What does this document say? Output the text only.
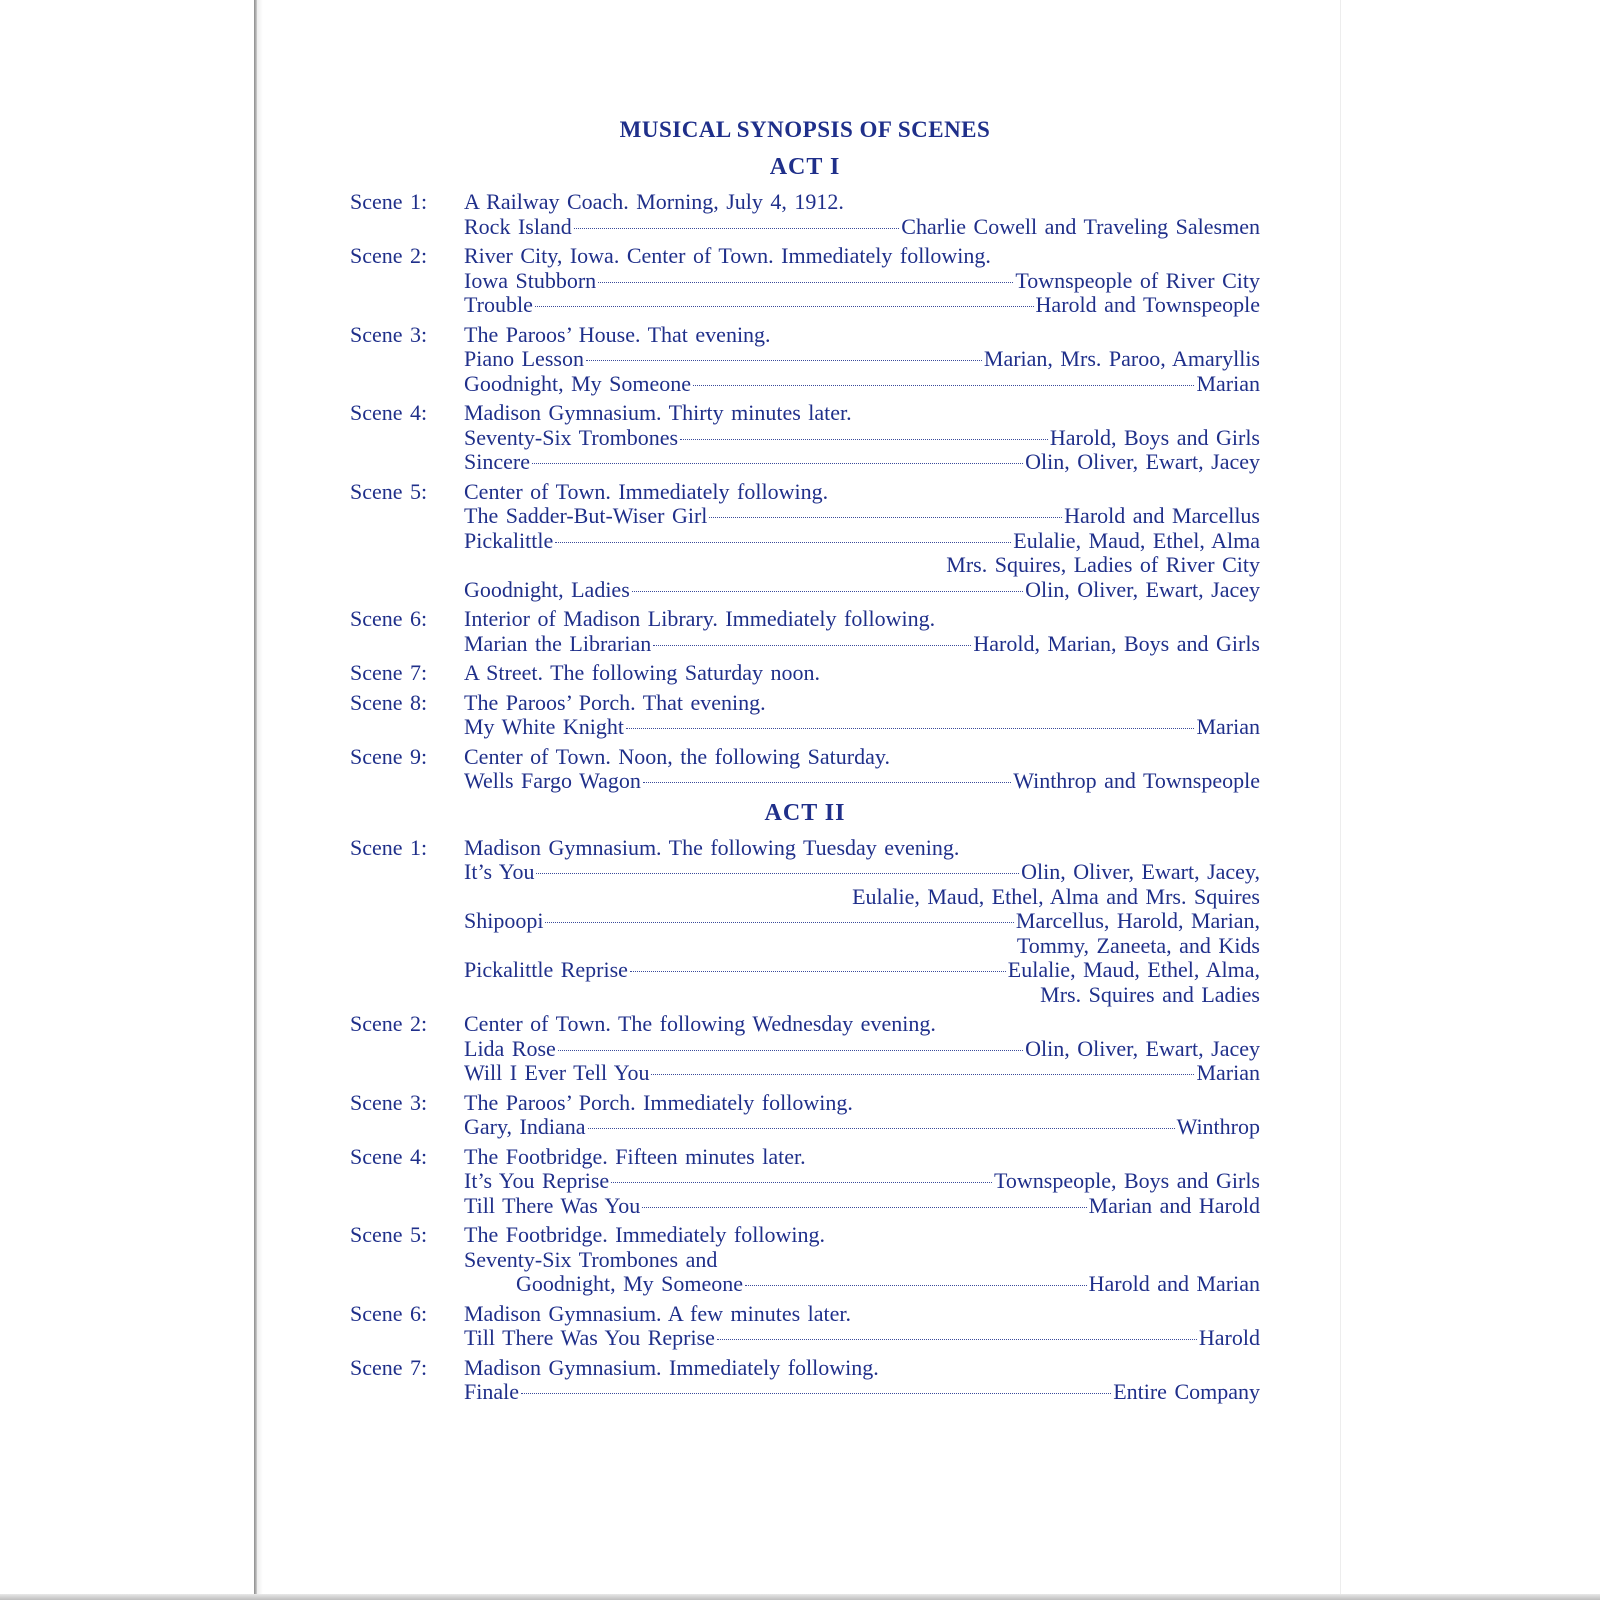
MUSICAL SYNOPSIS OF SCENES
ACT I
Scene 1:	A Railway Coach. Morning, July 4, 1912.
Rock Island	Charlie Cowell and Traveling Salesmen
Scene 2:	River City, Iowa. Center of Town. Immediately following.
Iowa Stubborn	Townspeople of River City
Trouble	Harold and Townspeople
Scene 3:	The Paroos’ House. That evening.
Piano Lesson	Marian, Mrs. Paroo, Amaryllis
Goodnight, My Someone	Marian
Scene 4:	Madison Gymnasium. Thirty minutes later.
Seventy-Six Trombones	Harold, Boys and Girls
Sincere	Olin, Oliver, Ewart, Jacey
Scene 5:	Center of Town. Immediately following.
The Sadder-But-Wiser Girl	Harold and Marcellus
Pickalittle	Eulalie, Maud, Ethel, Alma
Mrs. Squires, Ladies of River City
Goodnight, Ladies	Olin, Oliver, Ewart, Jacey
Scene 6:	Interior of Madison Library. Immediately following.
Marian the Librarian	Harold, Marian, Boys and Girls
Scene 7:	A Street. The following Saturday noon.
Scene 8:	The Paroos’ Porch. That evening.
My White Knight	Marian
Scene 9:	Center of Town. Noon, the following Saturday.
Wells Fargo Wagon	Winthrop and Townspeople
ACT II
Scene 1:	Madison Gymnasium. The following Tuesday evening.
It’s You	Olin, Oliver, Ewart, Jacey,
Eulalie, Maud, Ethel, Alma and Mrs. Squires
Shipoopi	Marcellus, Harold, Marian,
Tommy, Zaneeta, and Kids
Pickalittle Reprise	Eulalie, Maud, Ethel, Alma,
Mrs. Squires and Ladies
Scene 2:	Center of Town. The following Wednesday evening.
Lida Rose	Olin, Oliver, Ewart, Jacey
Will I Ever Tell You	Marian
Scene 3:	The Paroos’ Porch. Immediately following.
Gary, Indiana	Winthrop
Scene 4:	The Footbridge. Fifteen minutes later.
It’s You Reprise	Townspeople, Boys and Girls
Till There Was You	Marian and Harold
Scene 5:	The Footbridge. Immediately following.
Seventy-Six Trombones and
Goodnight, My Someone	Harold and Marian
Scene 6:	Madison Gymnasium. A few minutes later.
Till There Was You Reprise	Harold
Scene 7:	Madison Gymnasium. Immediately following.
Finale	Entire Company
